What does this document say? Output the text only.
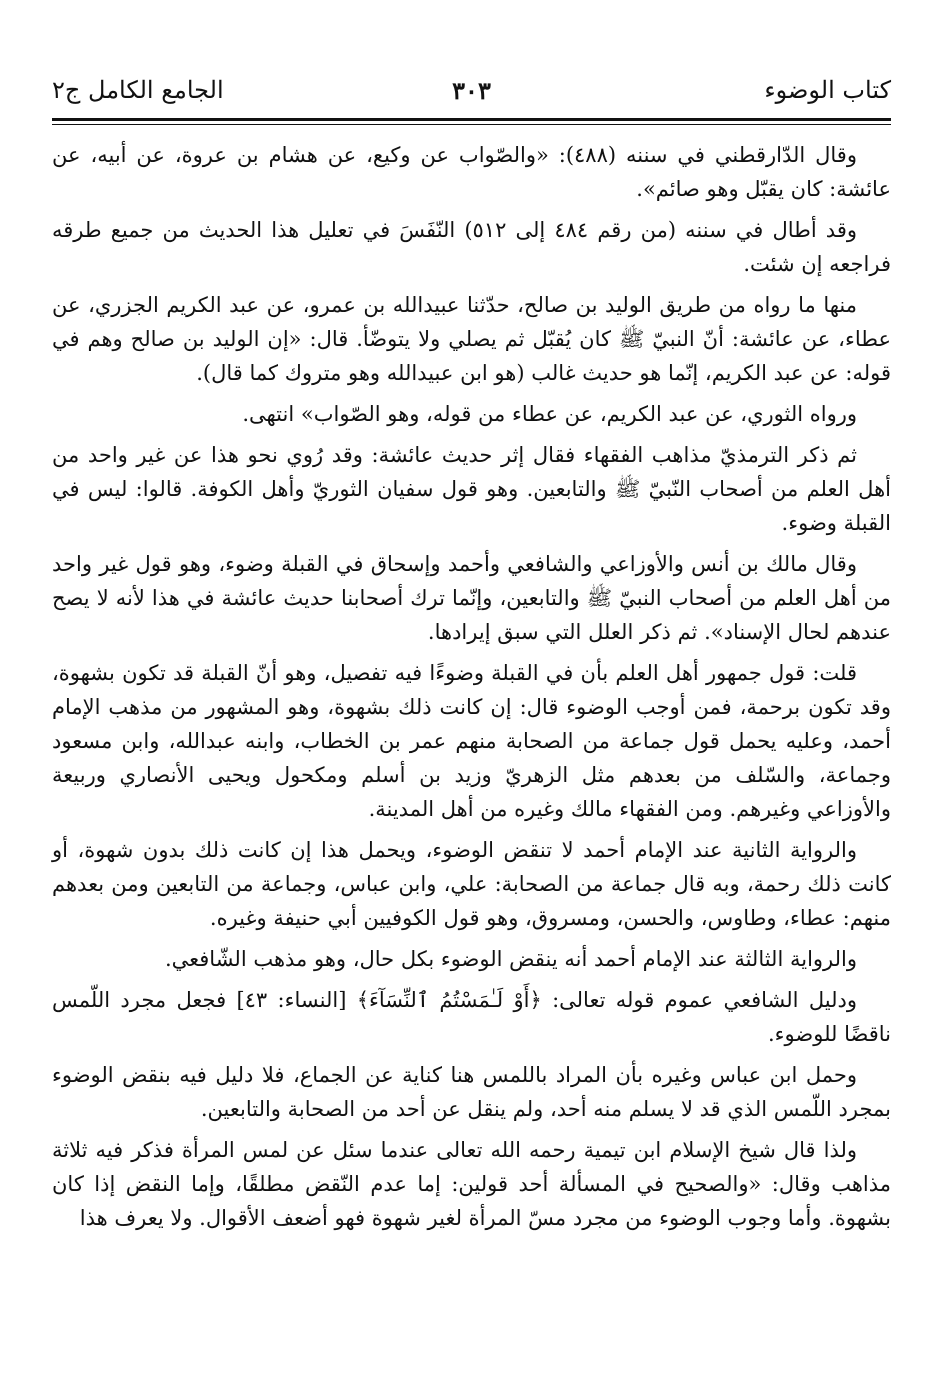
كتاب الوضوء
٣٠٣
الجامع الكامل ج٢

وقال الدّارقطني في سننه (٤٨٨): «والصّواب عن وكيع، عن هشام بن عروة، عن أبيه، عن عائشة: كان يقبّل وهو صائم».

وقد أطال في سننه (من رقم ٤٨٤ إلى ٥١٢) النّفَسَ في تعليل هذا الحديث من جميع طرقه فراجعه إن شئت.

منها ما رواه من طريق الوليد بن صالح، حدّثنا عبيدالله بن عمرو، عن عبد الكريم الجزري، عن عطاء، عن عائشة: أنّ النبيّ ﷺ كان يُقبّل ثم يصلي ولا يتوضّأ. قال: «إن الوليد بن صالح وهم في قوله: عن عبد الكريم، إنّما هو حديث غالب (هو ابن عبيدالله وهو متروك كما قال).

ورواه الثوري، عن عبد الكريم، عن عطاء من قوله، وهو الصّواب» انتهى.

ثم ذكر الترمذيّ مذاهب الفقهاء فقال إثر حديث عائشة: وقد رُوي نحو هذا عن غير واحد من أهل العلم من أصحاب النّبيّ ﷺ والتابعين. وهو قول سفيان الثوريّ وأهل الكوفة. قالوا: ليس في القبلة وضوء.

وقال مالك بن أنس والأوزاعي والشافعي وأحمد وإسحاق في القبلة وضوء، وهو قول غير واحد من أهل العلم من أصحاب النبيّ ﷺ والتابعين، وإنّما ترك أصحابنا حديث عائشة في هذا لأنه لا يصح عندهم لحال الإسناد». ثم ذكر العلل التي سبق إيرادها.

قلت: قول جمهور أهل العلم بأن في القبلة وضوءًا فيه تفصيل، وهو أنّ القبلة قد تكون بشهوة، وقد تكون برحمة، فمن أوجب الوضوء قال: إن كانت ذلك بشهوة، وهو المشهور من مذهب الإمام أحمد، وعليه يحمل قول جماعة من الصحابة منهم عمر بن الخطاب، وابنه عبدالله، وابن مسعود وجماعة، والسّلف من بعدهم مثل الزهريّ وزيد بن أسلم ومكحول ويحيى الأنصاري وربيعة والأوزاعي وغيرهم. ومن الفقهاء مالك وغيره من أهل المدينة.

والرواية الثانية عند الإمام أحمد لا تنقض الوضوء، ويحمل هذا إن كانت ذلك بدون شهوة، أو كانت ذلك رحمة، وبه قال جماعة من الصحابة: علي، وابن عباس، وجماعة من التابعين ومن بعدهم منهم: عطاء، وطاوس، والحسن، ومسروق، وهو قول الكوفيين أبي حنيفة وغيره.

والرواية الثالثة عند الإمام أحمد أنه ينقض الوضوء بكل حال، وهو مذهب الشّافعي.

ودليل الشافعي عموم قوله تعالى: ﴿أَوْ لَـٰمَسْتُمُ ٱلنِّسَآءَ﴾ [النساء: ٤٣] فجعل مجرد اللّمس ناقضًا للوضوء.

وحمل ابن عباس وغيره بأن المراد باللمس هنا كناية عن الجماع، فلا دليل فيه بنقض الوضوء بمجرد اللّمس الذي قد لا يسلم منه أحد، ولم ينقل عن أحد من الصحابة والتابعين.

ولذا قال شيخ الإسلام ابن تيمية رحمه الله تعالى عندما سئل عن لمس المرأة فذكر فيه ثلاثة مذاهب وقال: «والصحيح في المسألة أحد قولين: إما عدم النّقض مطلقًا، وإما النقض إذا كان بشهوة. وأما وجوب الوضوء من مجرد مسّ المرأة لغير شهوة فهو أضعف الأقوال. ولا يعرف هذا
